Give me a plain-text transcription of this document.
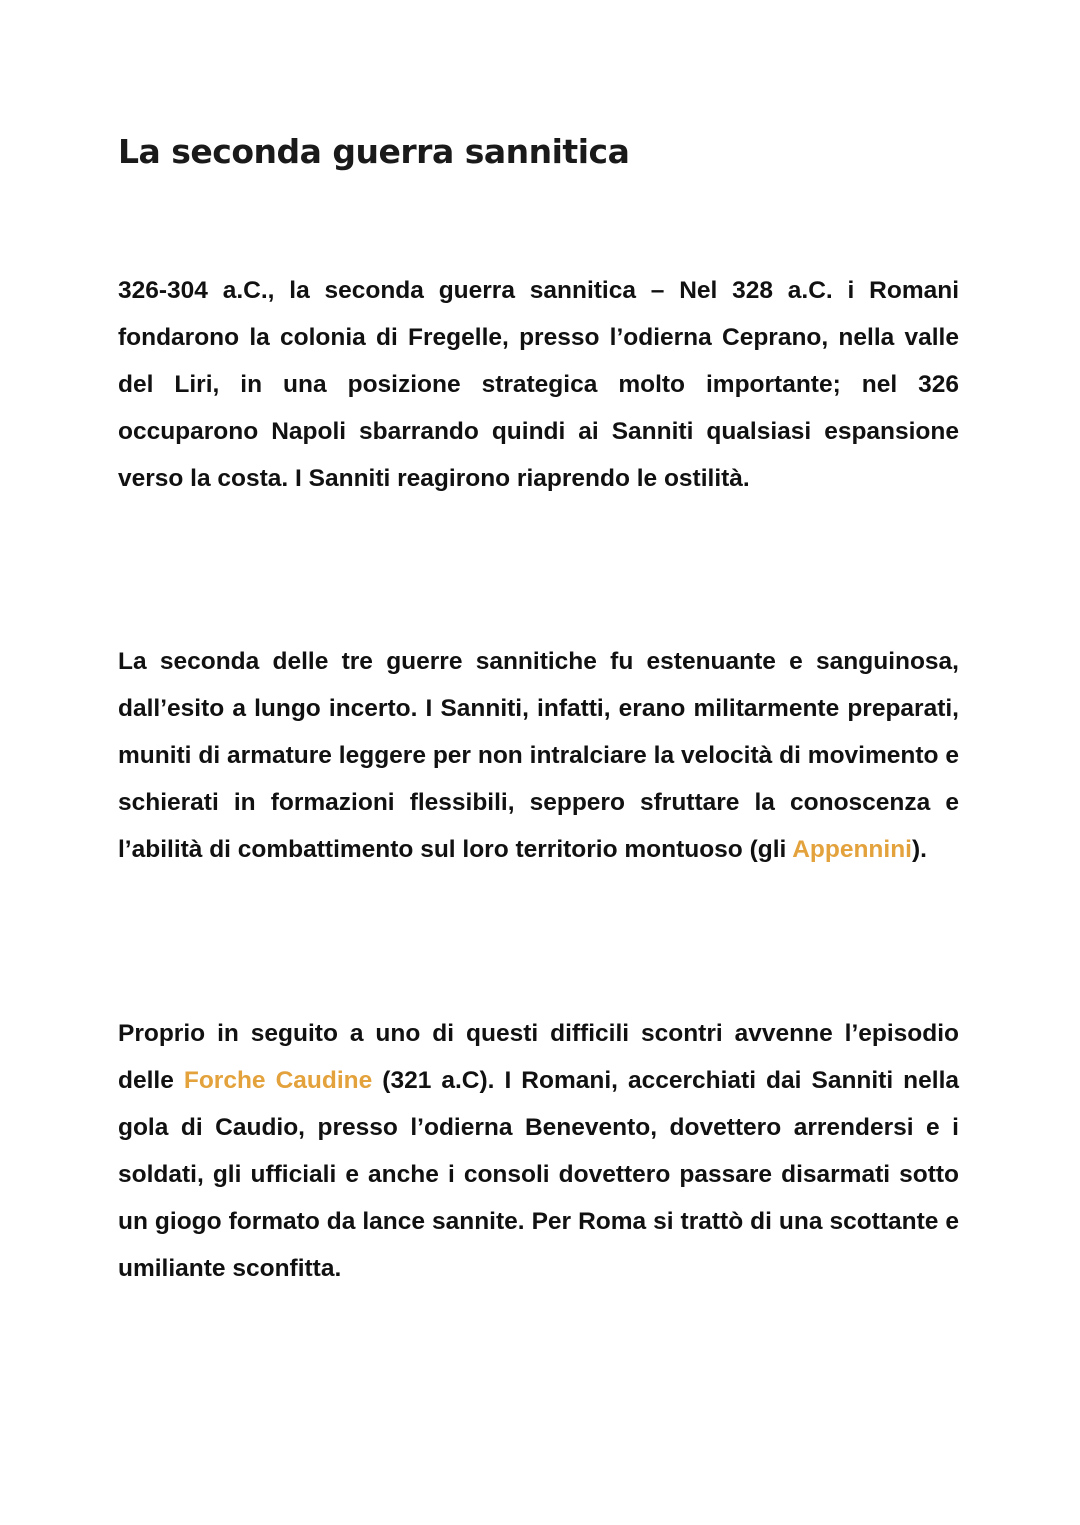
La seconda guerra sannitica

326-304 a.C., la seconda guerra sannitica – Nel 328 a.C. i Romani fondarono la colonia di Fregelle, presso l’odierna Ceprano, nella valle del Liri, in una posizione strategica molto importante; nel 326 occuparono Napoli sbarrando quindi ai Sanniti qualsiasi espansione verso la costa. I Sanniti reagirono riaprendo le ostilità.

La seconda delle tre guerre sannitiche fu estenuante e sanguinosa, dall’esito a lungo incerto. I Sanniti, infatti, erano militarmente preparati, muniti di armature leggere per non intralciare la velocità di movimento e schierati in formazioni flessibili, seppero sfruttare la conoscenza e l’abilità di combattimento sul loro territorio montuoso (gli Appennini).

Proprio in seguito a uno di questi difficili scontri avvenne l’episodio delle Forche Caudine (321 a.C). I Romani, accerchiati dai Sanniti nella gola di Caudio, presso l’odierna Benevento, dovettero arrendersi e i soldati, gli ufficiali e anche i consoli dovettero passare disarmati sotto un giogo formato da lance sannite. Per Roma si trattò di una scottante e umiliante sconfitta.
